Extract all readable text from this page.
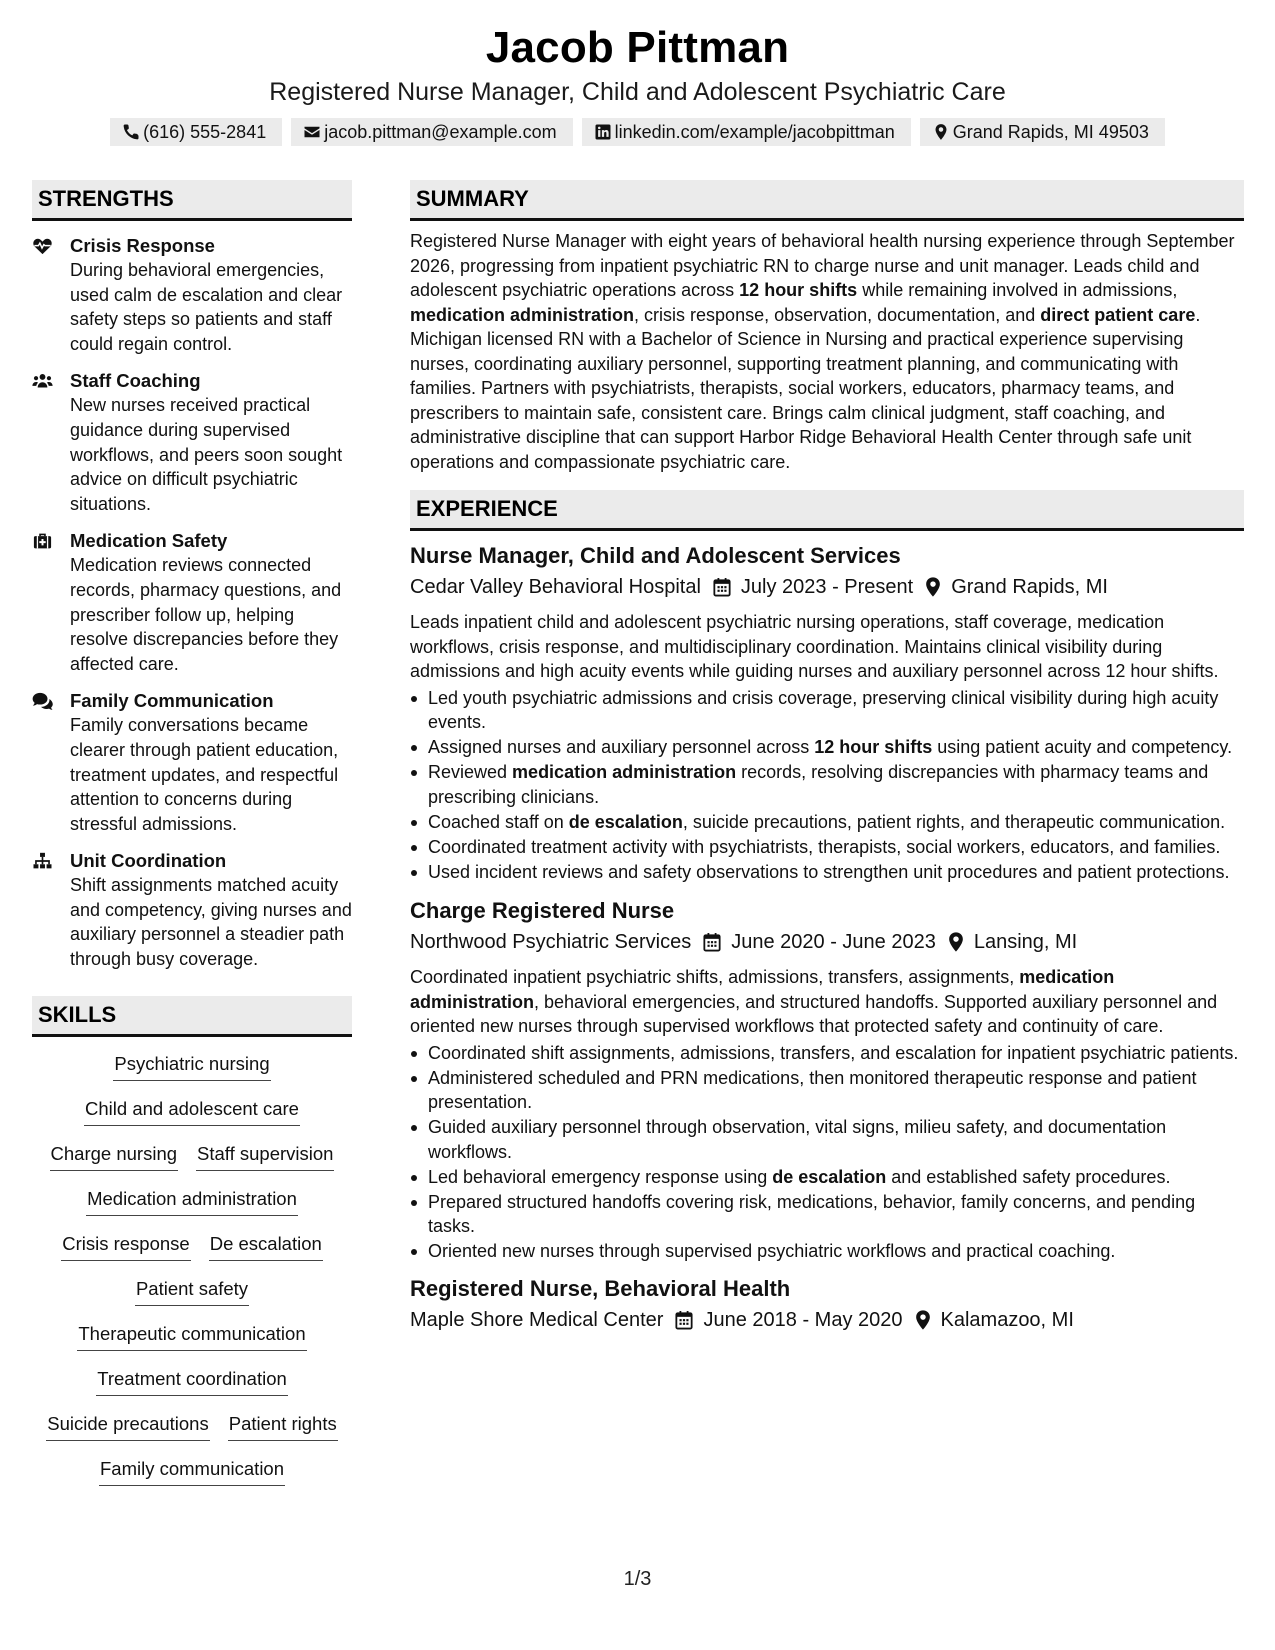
Jacob Pittman
Registered Nurse Manager, Child and Adolescent Psychiatric Care
(616) 555-2841	jacob.pittman@example.com	linkedin.com/example/jacobpittman	Grand Rapids, MI 49503
STRENGTHS
Crisis Response
During behavioral emergencies, used calm de escalation and clear safety steps so patients and staff could regain control.
Staff Coaching
New nurses received practical guidance during supervised workflows, and peers soon sought advice on difficult psychiatric situations.
Medication Safety
Medication reviews connected records, pharmacy questions, and prescriber follow up, helping resolve discrepancies before they affected care.
Family Communication
Family conversations became clearer through patient education, treatment updates, and respectful attention to concerns during stressful admissions.
Unit Coordination
Shift assignments matched acuity and competency, giving nurses and auxiliary personnel a steadier path through busy coverage.
SKILLS
Psychiatric nursing
Child and adolescent care
Charge nursing Staff supervision
Medication administration
Crisis response De escalation
Patient safety
Therapeutic communication
Treatment coordination
Suicide precautions Patient rights
Family communication
SUMMARY
Registered Nurse Manager with eight years of behavioral health nursing experience through September 2026, progressing from inpatient psychiatric RN to charge nurse and unit manager. Leads child and adolescent psychiatric operations across 12 hour shifts while remaining involved in admissions, medication administration, crisis response, observation, documentation, and direct patient care. Michigan licensed RN with a Bachelor of Science in Nursing and practical experience supervising nurses, coordinating auxiliary personnel, supporting treatment planning, and communicating with families. Partners with psychiatrists, therapists, social workers, educators, pharmacy teams, and prescribers to maintain safe, consistent care. Brings calm clinical judgment, staff coaching, and administrative discipline that can support Harbor Ridge Behavioral Health Center through safe unit operations and compassionate psychiatric care.
EXPERIENCE
Nurse Manager, Child and Adolescent Services
Cedar Valley Behavioral Hospital July 2023 - Present Grand Rapids, MI
Leads inpatient child and adolescent psychiatric nursing operations, staff coverage, medication workflows, crisis response, and multidisciplinary coordination. Maintains clinical visibility during admissions and high acuity events while guiding nurses and auxiliary personnel across 12 hour shifts.
Led youth psychiatric admissions and crisis coverage, preserving clinical visibility during high acuity events.
Assigned nurses and auxiliary personnel across 12 hour shifts using patient acuity and competency.
Reviewed medication administration records, resolving discrepancies with pharmacy teams and prescribing clinicians.
Coached staff on de escalation, suicide precautions, patient rights, and therapeutic communication.
Coordinated treatment activity with psychiatrists, therapists, social workers, educators, and families.
Used incident reviews and safety observations to strengthen unit procedures and patient protections.
Charge Registered Nurse
Northwood Psychiatric Services June 2020 - June 2023 Lansing, MI
Coordinated inpatient psychiatric shifts, admissions, transfers, assignments, medication administration, behavioral emergencies, and structured handoffs. Supported auxiliary personnel and oriented new nurses through supervised workflows that protected safety and continuity of care.
Coordinated shift assignments, admissions, transfers, and escalation for inpatient psychiatric patients.
Administered scheduled and PRN medications, then monitored therapeutic response and patient presentation.
Guided auxiliary personnel through observation, vital signs, milieu safety, and documentation workflows.
Led behavioral emergency response using de escalation and established safety procedures.
Prepared structured handoffs covering risk, medications, behavior, family concerns, and pending tasks.
Oriented new nurses through supervised psychiatric workflows and practical coaching.
Registered Nurse, Behavioral Health
Maple Shore Medical Center June 2018 - May 2020 Kalamazoo, MI
1/3
